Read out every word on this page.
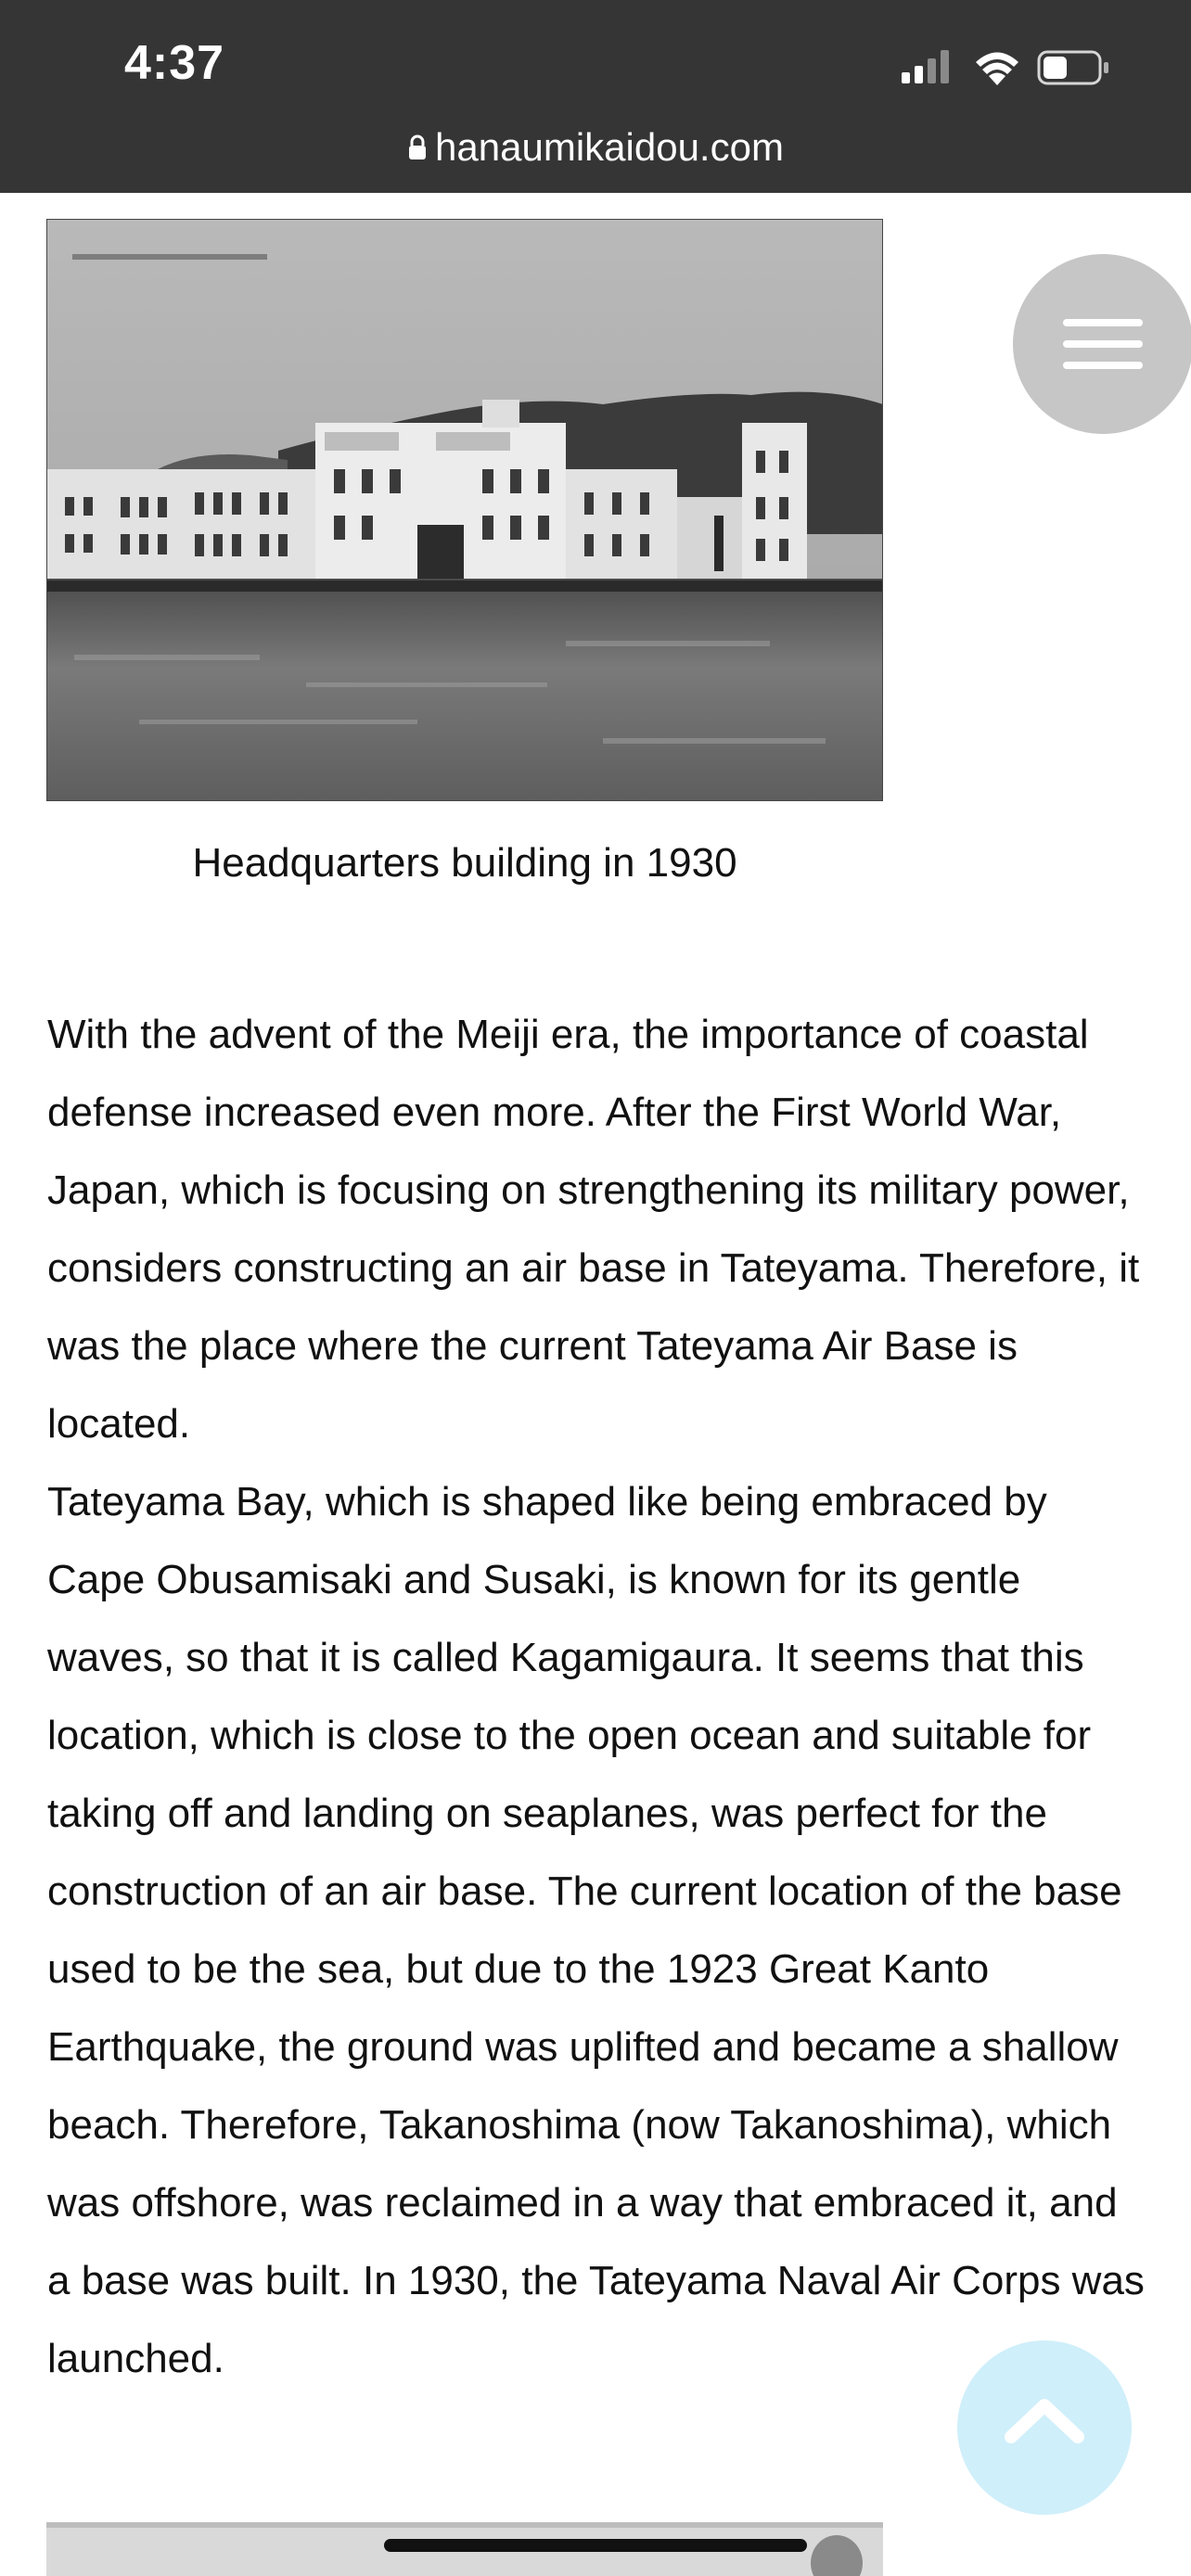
4:37
hanaumikaidou.com
Headquarters building in 1930

With the advent of the Meiji era, the importance of coastal defense increased even more. After the First World War, Japan, which is focusing on strengthening its military power, considers constructing an air base in Tateyama. Therefore, it was the place where the current Tateyama Air Base is located.

Tateyama Bay, which is shaped like being embraced by Cape Obusamisaki and Susaki, is known for its gentle waves, so that it is called Kagamigaura. It seems that this location, which is close to the open ocean and suitable for taking off and landing on seaplanes, was perfect for the construction of an air base. The current location of the base used to be the sea, but due to the 1923 Great Kanto Earthquake, the ground was uplifted and became a shallow beach. Therefore, Takanoshima (now Takanoshima), which was offshore, was reclaimed in a way that embraced it, and a base was built. In 1930, the Tateyama Naval Air Corps was launched.
